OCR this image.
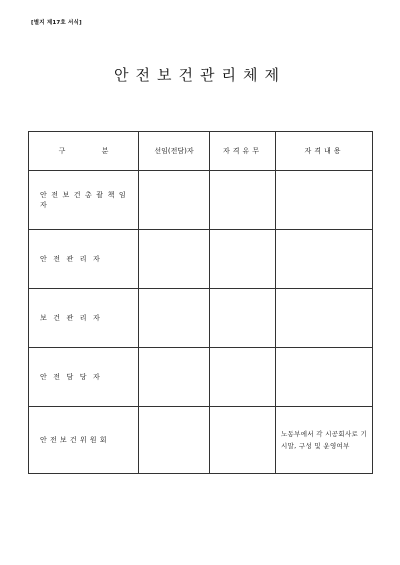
[별지 제17호 서식]
안전보건관리체제
구 분	선임(전담)자	자격유무	자격내용
안전보건총괄책임자			
안전관리자			
보건관리자			
안전담당자			
안전보건위원회			노동부에서 각 시공회사로 기시말, 구성 및 운영여부
